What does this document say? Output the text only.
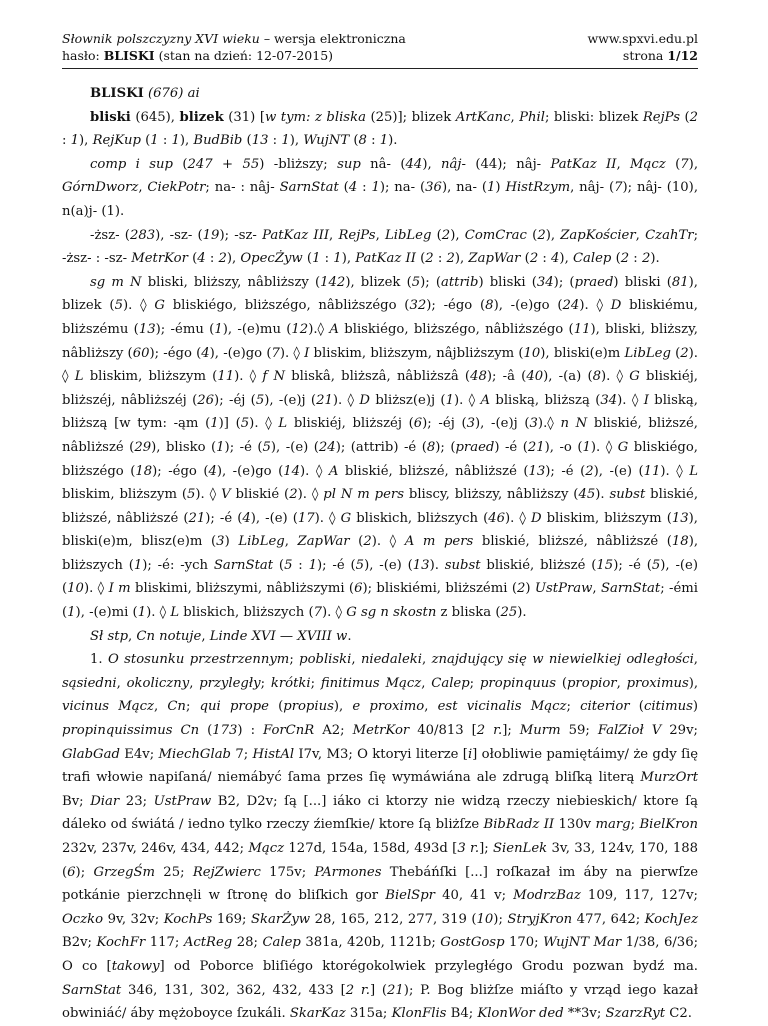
Słownik polszczyzny XVI wieku – wersja elektroniczna
hasło: BLISKI (stan na dzień: 12-07-2015)
www.spxvi.edu.pl
strona 1/12

BLISKI (676) ai

bliski (645), blizek (31) [w tym: z bliska (25)]; blizek ArtKanc, Phil; bliski: blizek RejPs (2 : 1), RejKup (1 : 1), BudBib (13 : 1), WujNT (8 : 1).

comp i sup (247 + 55) -bliższy; sup nâ- (44), nâj- (44); nâj- PatKaz II, Mącz (7), GórnDworz, CiekPotr; na- : nâj- SarnStat (4 : 1); na- (36), na- (1) HistRzym, nâj- (7); nâj- (10), n(a)j- (1).

-ższ- (283), -sz- (19); -sz- PatKaz III, RejPs, LibLeg (2), ComCrac (2), ZapKościer, CzahTr; -ższ- : -sz- MetrKor (4 : 2), OpecŻyw (1 : 1), PatKaz II (2 : 2), ZapWar (2 : 4), Calep (2 : 2).

sg m N bliski, bliższy, nâbliższy (142), blizek (5); (attrib) bliski (34); (praed) bliski (81), blizek (5). ◊ G bliskiégo, bliższégo, nâbliższégo (32); -égo (8), -(e)go (24). ◊ D bliskiému, bliższému (13); -ému (1), -(e)mu (12).◊ A bliskiégo, bliższégo, nâbliższégo (11), bliski, bliższy, nâbliższy (60); -égo (4), -(e)go (7). ◊ I bliskim, bliższym, nâjbliższym (10), bliski(e)m LibLeg (2). ◊ L bliskim, bliższym (11). ◊ f N bliskâ, bliższâ, nâbliższâ (48); -â (40), -(a) (8). ◊ G bliskiéj, bliższéj, nâbliższéj (26); -éj (5), -(e)j (21). ◊ D bliższ(e)j (1). ◊ A bliską, bliższą (34). ◊ I bliską, bliższą [w tym: -ąm (1)] (5). ◊ L bliskiéj, bliższéj (6); -éj (3), -(e)j (3).◊ n N bliskié, bliższé, nâbliższé (29), blisko (1); -é (5), -(e) (24); (attrib) -é (8); (praed) -é (21), -o (1). ◊ G bliskiégo, bliższégo (18); -égo (4), -(e)go (14). ◊ A bliskié, bliższé, nâbliższé (13); -é (2), -(e) (11). ◊ L bliskim, bliższym (5). ◊ V bliskié (2). ◊ pl N m pers bliscy, bliższy, nâbliższy (45). subst bliskié, bliższé, nâbliższé (21); -é (4), -(e) (17). ◊ G bliskich, bliższych (46). ◊ D bliskim, bliższym (13), bliski(e)m, blisz(e)m (3) LibLeg, ZapWar (2). ◊ A m pers bliskié, bliższé, nâbliższé (18), bliższych (1); -é: -ych SarnStat (5 : 1); -é (5), -(e) (13). subst bliskié, bliższé (15); -é (5), -(e) (10). ◊ I m bliskimi, bliższymi, nâbliższymi (6); bliskiémi, bliższémi (2) UstPraw, SarnStat; -émi (1), -(e)mi (1). ◊ L bliskich, bliższych (7). ◊ G sg n skostn z bliska (25).

Sł stp, Cn notuje, Linde XVI — XVIII w.

1. O stosunku przestrzennym; pobliski, niedaleki, znajdujący się w niewielkiej odległości, sąsiedni, okoliczny, przyległy; krótki; finitimus Mącz, Calep; propinquus (propior, proximus), vicinus Mącz, Cn; qui prope (propius), e proximo, est vicinalis Mącz; citerior (citimus) propinquissimus Cn (173) : ForCnR A2; MetrKor 40/813 [2 r.]; Murm 59; FalZioł V 29v; GlabGad E4v; MiechGlab 7; HistAl I7v, M3; O ktoryi literze [i] ołobliwie pamiętáimy/ że gdy ſię trafi włowie napiſaná/ niemábyć ſama przes ſię wymáwiána ale zdrugą bliſką literą MurzOrt Bv; Diar 23; UstPraw B2, D2v; ſą [...] iáko ci ktorzy nie widzą rzeczy niebieskich/ ktore ſą dáleko od świátá / iedno tylko rzeczy źiemſkie/ ktore ſą bliżſze BibRadz II 130v marg; BielKron 232v, 237v, 246v, 434, 442; Mącz 127d, 154a, 158d, 493d [3 r.]; SienLek 3v, 33, 124v, 170, 188 (6); GrzegŚm 25; RejZwierc 175v; PArmones Thebáńſki [...] roſkazał im áby na pierwſze potkánie pierzchnęli w ſtronę do bliſkich gor BielSpr 40, 41 v; ModrzBaz 109, 117, 127v; Oczko 9v, 32v; KochPs 169; SkarŻyw 28, 165, 212, 277, 319 (10); StryjKron 477, 642; KochJez B2v; KochFr 117; ActReg 28; Calep 381a, 420b, 1121b; GostGosp 170; WujNT Mar 1/38, 6/36; O co [takowy] od Poborce bliſiégo ktorégokolwiek przyległégo Grodu pozwan bydź ma. SarnStat 346, 131, 302, 362, 432, 433 [2 r.] (21); P. Bog bliżſze miáſto y vrząd iego kazał obwiniáć/ áby mężoboyce ſzukáli. SkarKaz 315a; KlonFlis B4; KlonWor ded **3v; SzarzRyt C2.
